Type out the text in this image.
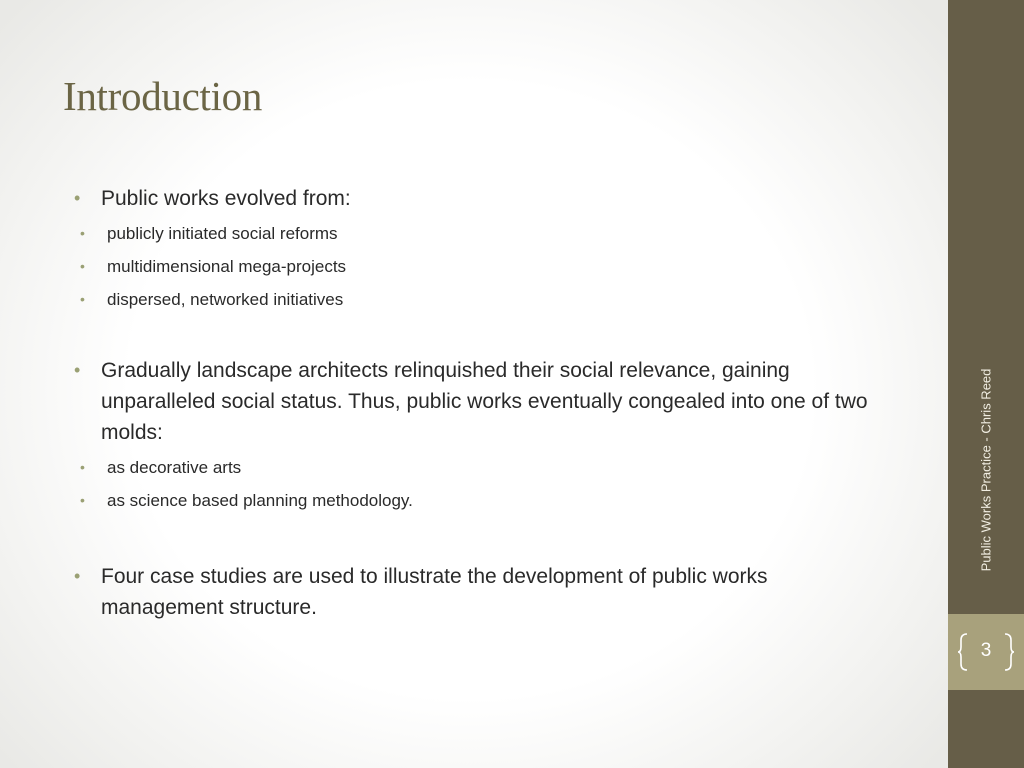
Introduction
• Public works evolved from:
• publicly initiated social reforms
• multidimensional mega-projects
• dispersed, networked initiatives
• Gradually landscape architects relinquished their social relevance, gaining unparalleled social status. Thus, public works eventually congealed into one of two molds:
• as decorative arts
• as science based planning methodology.
• Four case studies are used to illustrate the development of public works management structure.
Public Works Practice - Chris Reed
3
